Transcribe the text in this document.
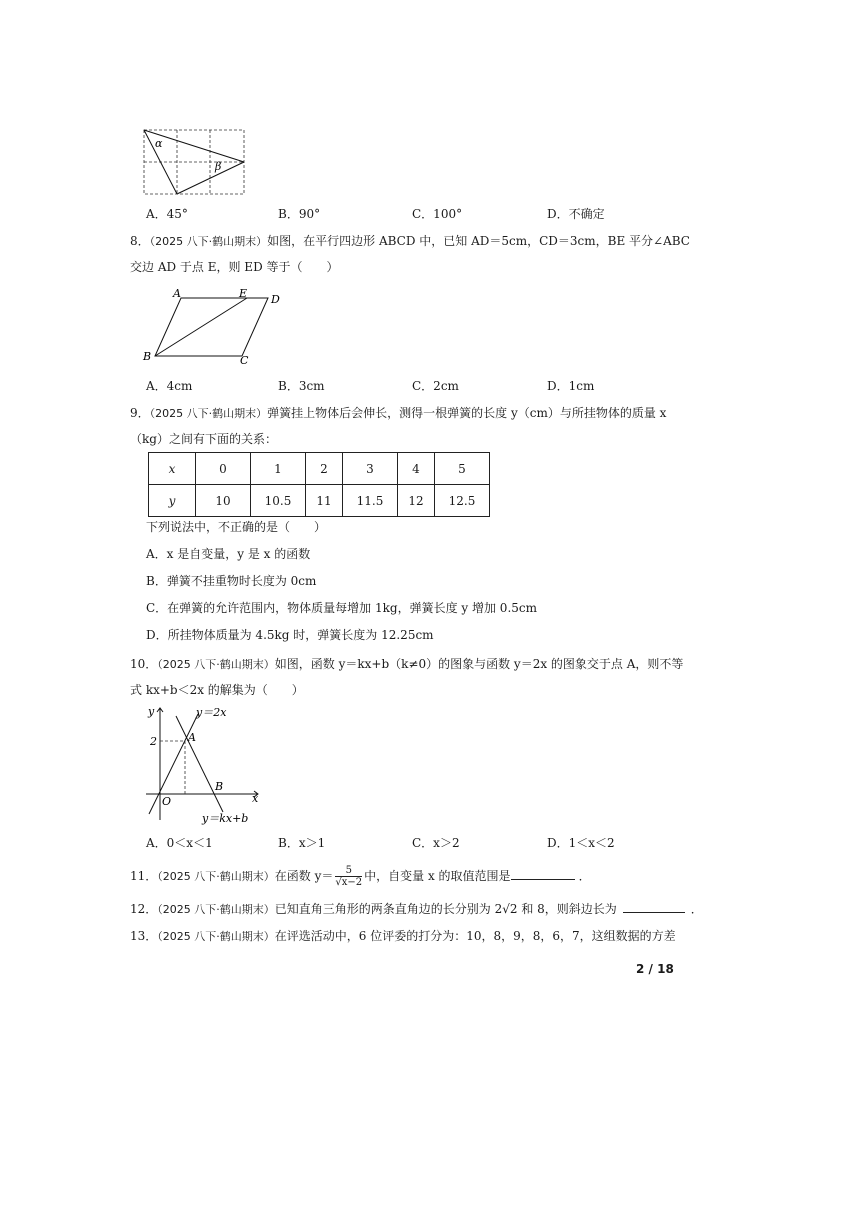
α
β
A．45°	B．90°	C．100°	D．不确定
8．（2025 八下·鹤山期末）如图，在平行四边形 ABCD 中，已知 AD＝5cm，CD＝3cm，BE 平分∠ABC
交边 AD 于点 E，则 ED 等于（　　）
A	E D
B	C
A．4cm	B．3cm	C．2cm	D．1cm
9．（2025 八下·鹤山期末）弹簧挂上物体后会伸长，测得一根弹簧的长度 y（cm）与所挂物体的质量 x
（kg）之间有下面的关系：
x	0	1	2	3	4	5
y	10	10.5	11	11.5	12	12.5
下列说法中，不正确的是（　　）
A．x 是自变量，y 是 x 的函数
B．弹簧不挂重物时长度为 0cm
C．在弹簧的允许范围内，物体质量每增加 1kg，弹簧长度 y 增加 0.5cm
D．所挂物体质量为 4.5kg 时，弹簧长度为 12.25cm
10．（2025 八下·鹤山期末）如图，函数 y＝kx+b（k≠0）的图象与函数 y＝2x 的图象交于点 A，则不等
式 kx+b＜2x 的解集为（　　）
y	y＝2x
2	A
B
O	x
y＝kx+b
A．0＜x＜1	B．x＞1	C．x＞2	D．1＜x＜2
11．（2025 八下·鹤山期末）在函数 $y= \frac{5}{√x-2}$ 中，自变量 x 的取值范围是	．
12．（2025 八下·鹤山期末）已知直角三角形的两条直角边的长分别为 2√2 和 8，则斜边长为	．
13．（2025 八下·鹤山期末）在评选活动中，6 位评委的打分为：10，8，9，8，6，7，这组数据的方差
2 / 18
